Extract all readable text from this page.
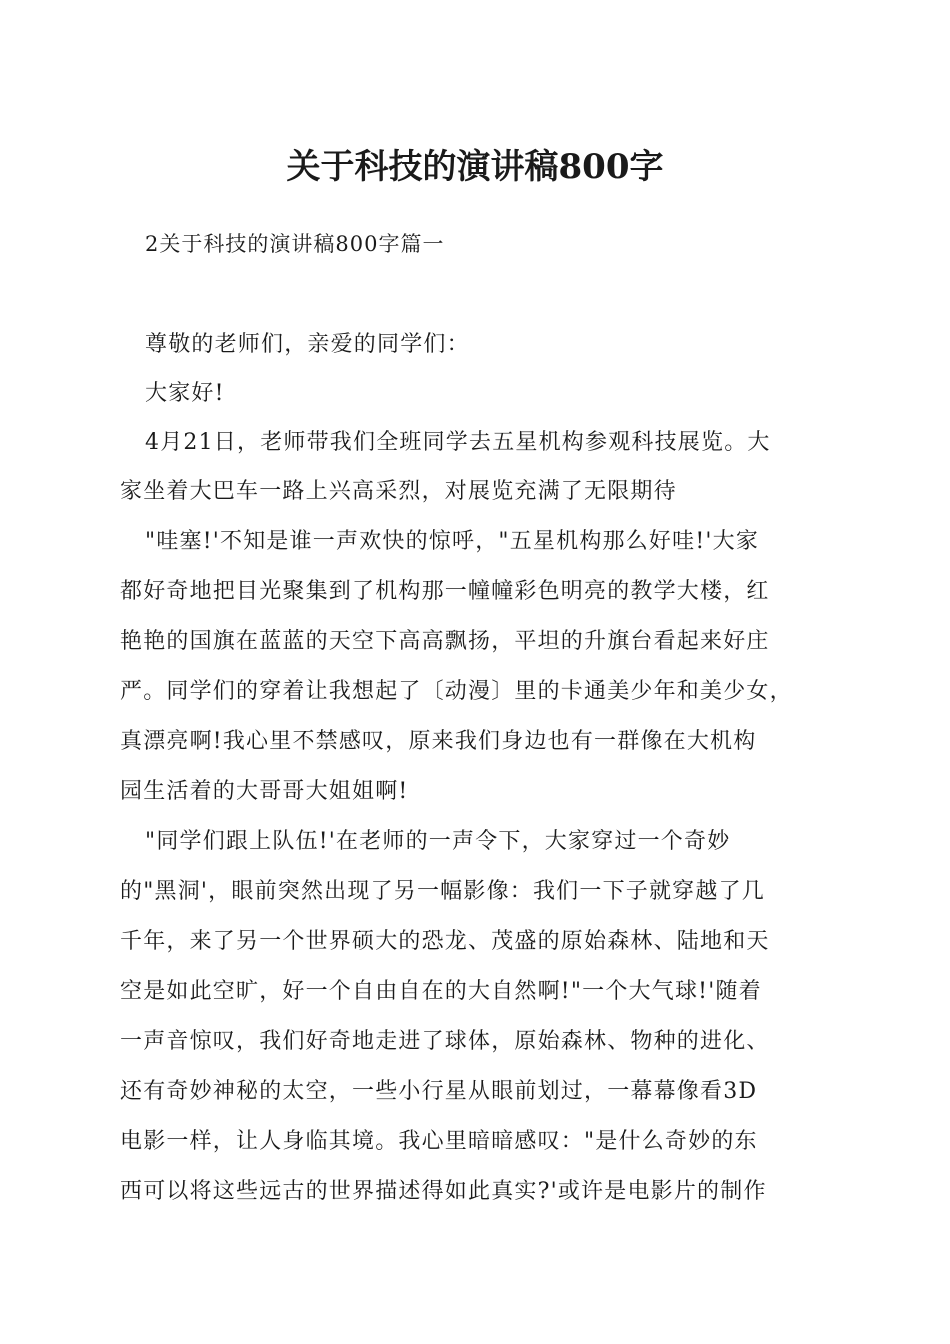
关于科技的演讲稿800字
2关于科技的演讲稿800字篇一
尊敬的老师们，亲爱的同学们：
大家好!
4月21日，老师带我们全班同学去五星机构参观科技展览。大
家坐着大巴车一路上兴高采烈，对展览充满了无限期待
"哇塞!'不知是谁一声欢快的惊呼，"五星机构那么好哇!'大家
都好奇地把目光聚集到了机构那一幢幢彩色明亮的教学大楼，红
艳艳的国旗在蓝蓝的天空下高高飘扬，平坦的升旗台看起来好庄
严。同学们的穿着让我想起了〔动漫〕里的卡通美少年和美少女，
真漂亮啊!我心里不禁感叹，原来我们身边也有一群像在大机构
园生活着的大哥哥大姐姐啊!
"同学们跟上队伍!'在老师的一声令下，大家穿过一个奇妙
的"黑洞'，眼前突然出现了另一幅影像：我们一下子就穿越了几
千年，来了另一个世界硕大的恐龙、茂盛的原始森林、陆地和天
空是如此空旷，好一个自由自在的大自然啊!"一个大气球!'随着
一声音惊叹，我们好奇地走进了球体，原始森林、物种的进化、
还有奇妙神秘的太空，一些小行星从眼前划过，一幕幕像看3D
电影一样，让人身临其境。我心里暗暗感叹："是什么奇妙的东
西可以将这些远古的世界描述得如此真实?'或许是电影片的制作
